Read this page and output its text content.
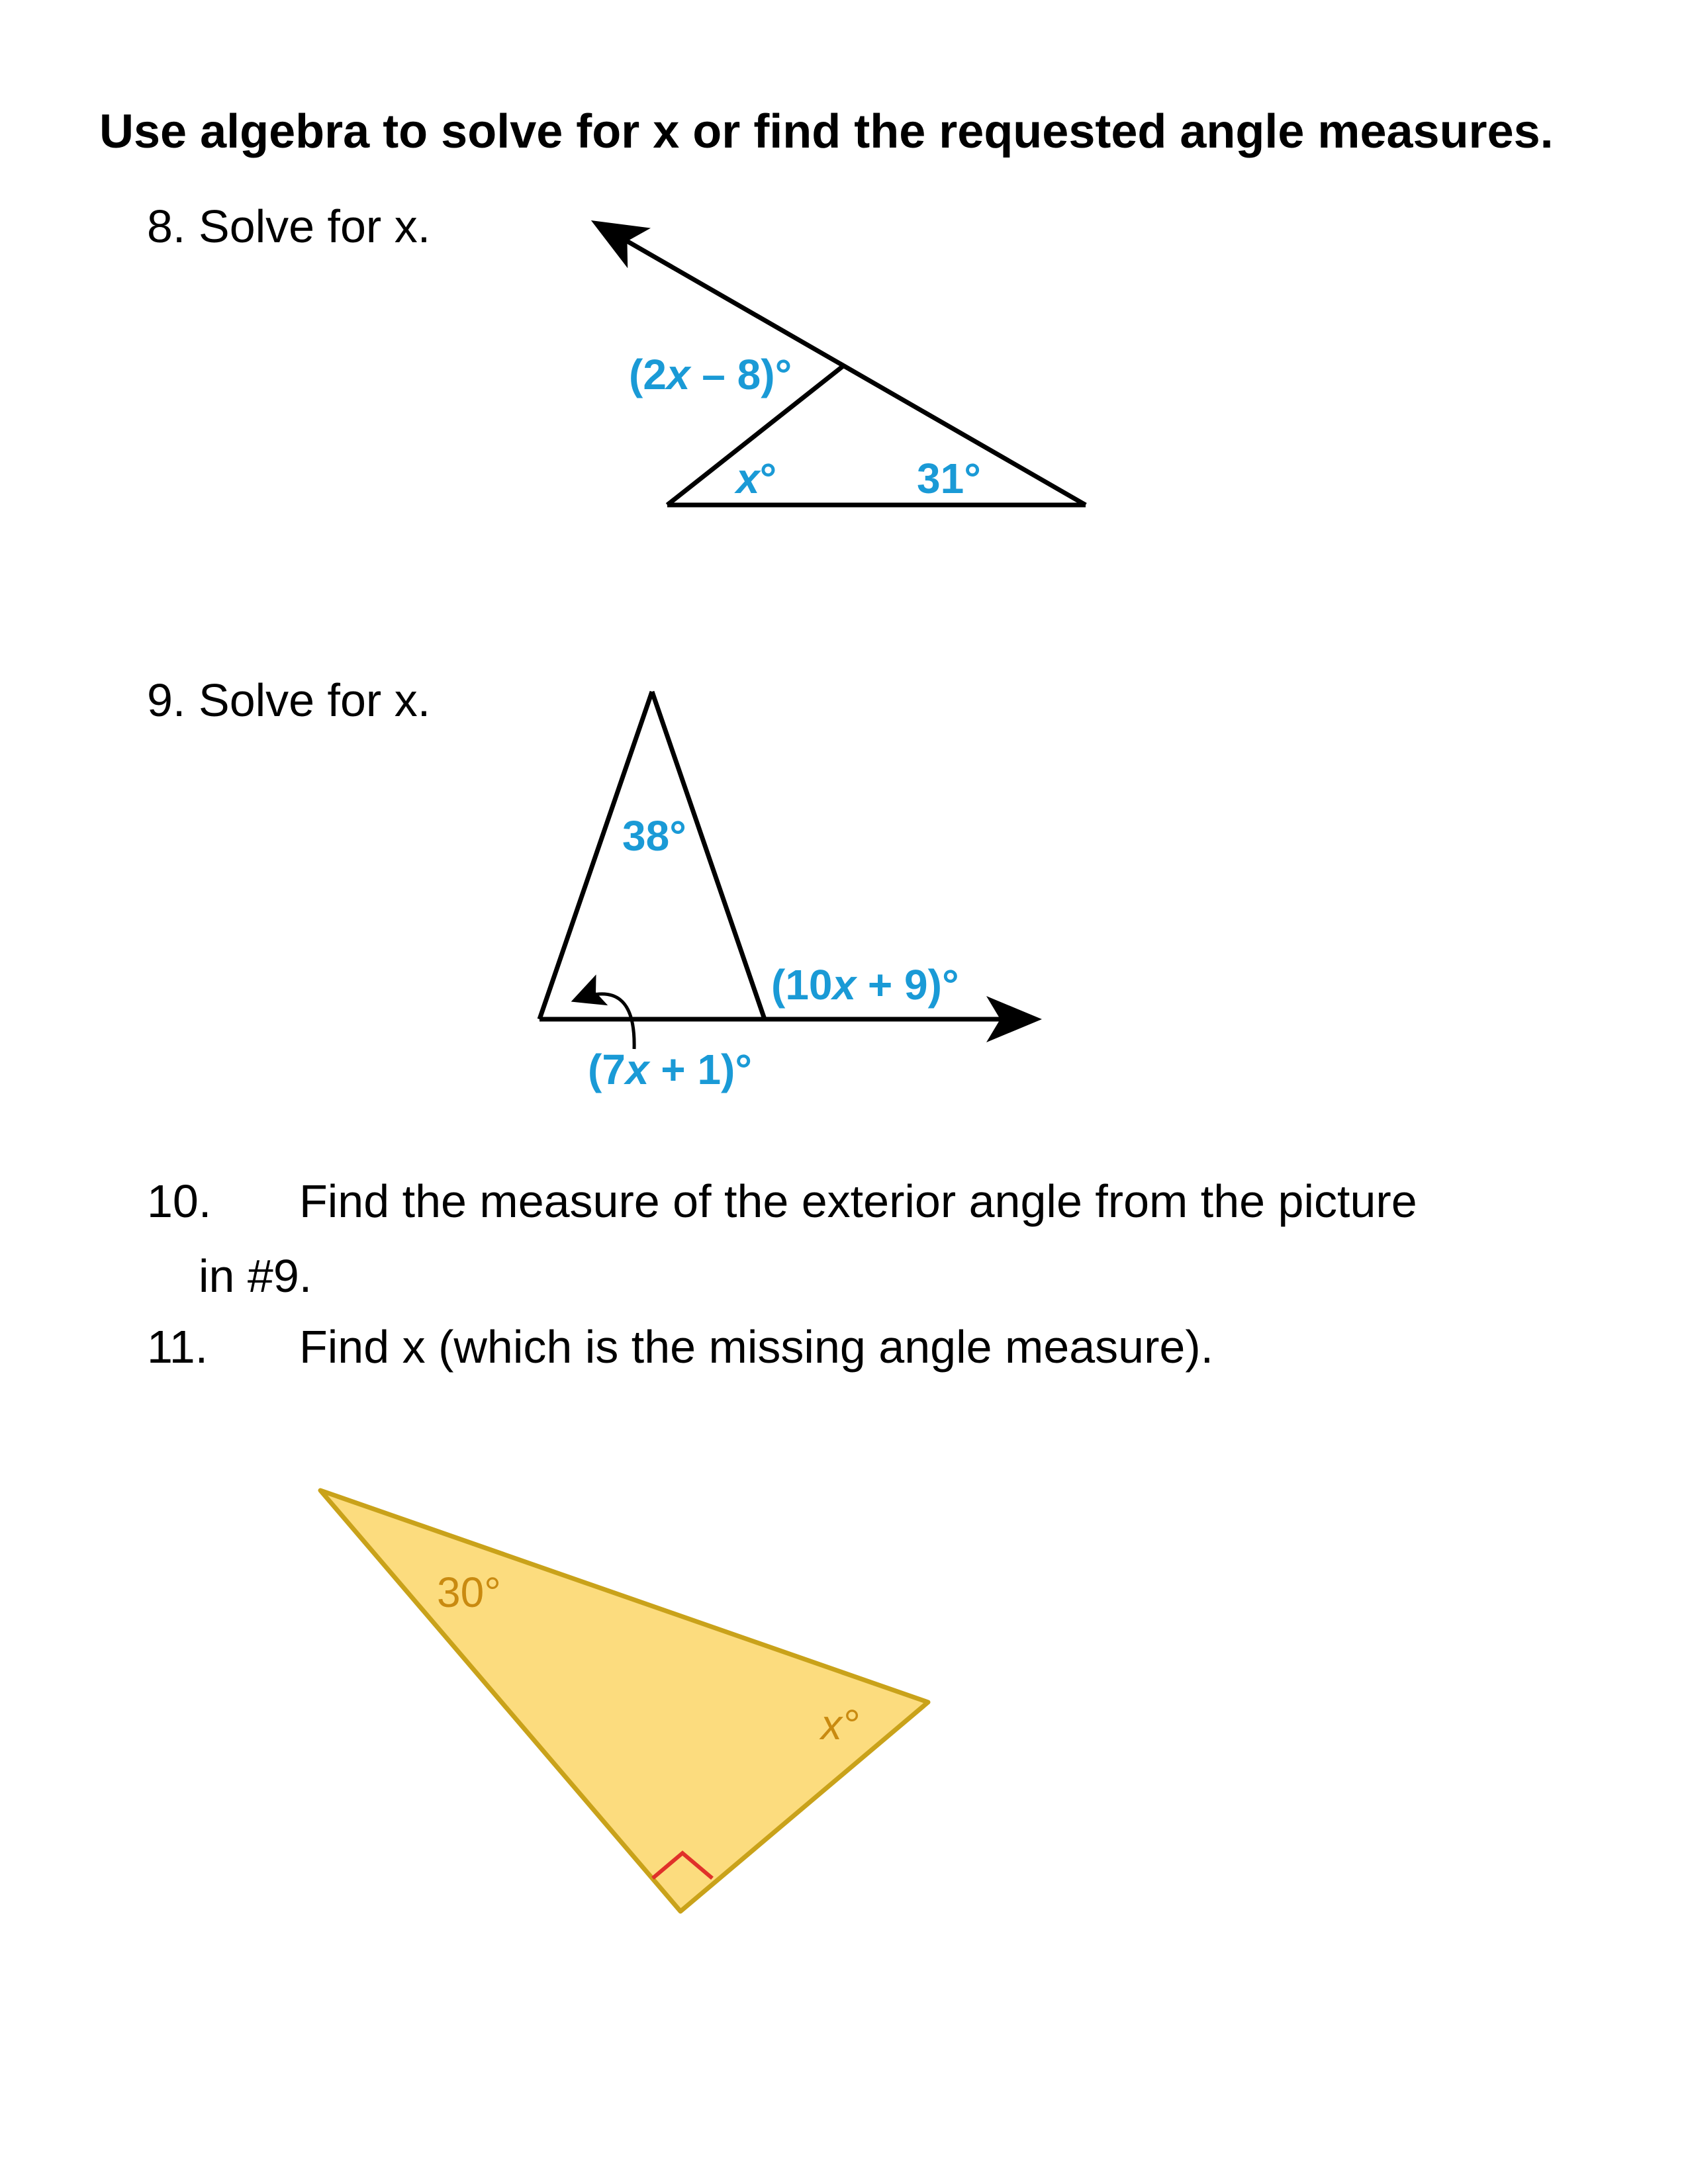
Use algebra to solve for x or find the requested angle measures.

8. Solve for x.
9. Solve for x.
10. Find the measure of the exterior angle from the picture
in #9.
11. Find x (which is the missing angle measure).
(2x – 8)°
x°	31°
38°
(10x + 9)°
(7x + 1)°
30°
x°
